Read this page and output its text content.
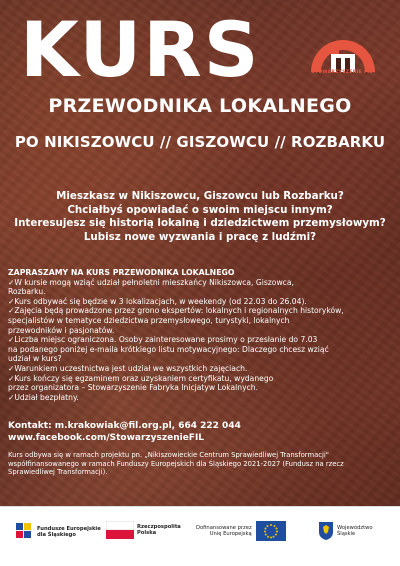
KURS	STOWARZYSZENIE FIL
PRZEWODNIKA LOKALNEGO
PO NIKISZOWCU // GISZOWCU // ROZBARKU
Mieszkasz w Nikiszowcu, Giszowcu lub Rozbarku?
Chciałbyś opowiadać o swoim miejscu innym?
Interesujesz się historią lokalną i dziedzictwem przemysłowym?
Lubisz nowe wyzwania i pracę z ludźmi?
ZAPRASZAMY NA KURS PRZEWODNIKA LOKALNEGO
✓W kursie mogą wziąć udział pełnoletni mieszkańcy Nikiszowca, Giszowca,
Rozbarku.
✓Kurs odbywać się będzie w 3 lokalizacjach, w weekendy (od 22.03 do 26.04).
✓Zajęcia będą prowadzone przez grono ekspertów: lokalnych i regionalnych historyków,
specjalistów w tematyce dziedzictwa przemysłowego, turystyki, lokalnych
przewodników i pasjonatów.
✓Liczba miejsc ograniczona. Osoby zainteresowane prosimy o przesłanie do 7.03
na podanego poniżej e-maila krótkiego listu motywacyjnego: Dlaczego chcesz wziąć
udział w kurs?
✓Warunkiem uczestnictwa jest udział we wszystkich zajęciach.
✓Kurs kończy się egzaminem oraz uzyskaniem certyfikatu, wydanego
przez organizatora – Stowarzyszenie Fabryka Inicjatyw Lokalnych.
✓Udział bezpłatny.
Kontakt: m.krakowiak@fil.org.pl, 664 222 044
www.facebook.com/StowarzyszenieFIL
Kurs odbywa się w ramach projektu pn. „Nikiszowieckie Centrum Sprawiedliwej Transformacji"
współfinansowanego w ramach Funduszy Europejskich dla Śląskiego 2021-2027 (Fundusz na rzecz
Sprawiedliwej Transformacji).
Fundusze Europejskie
dla Śląskiego
Rzeczpospolita
Polska
Dofinansowane przez
Unię Europejską
Województwo
Śląskie
